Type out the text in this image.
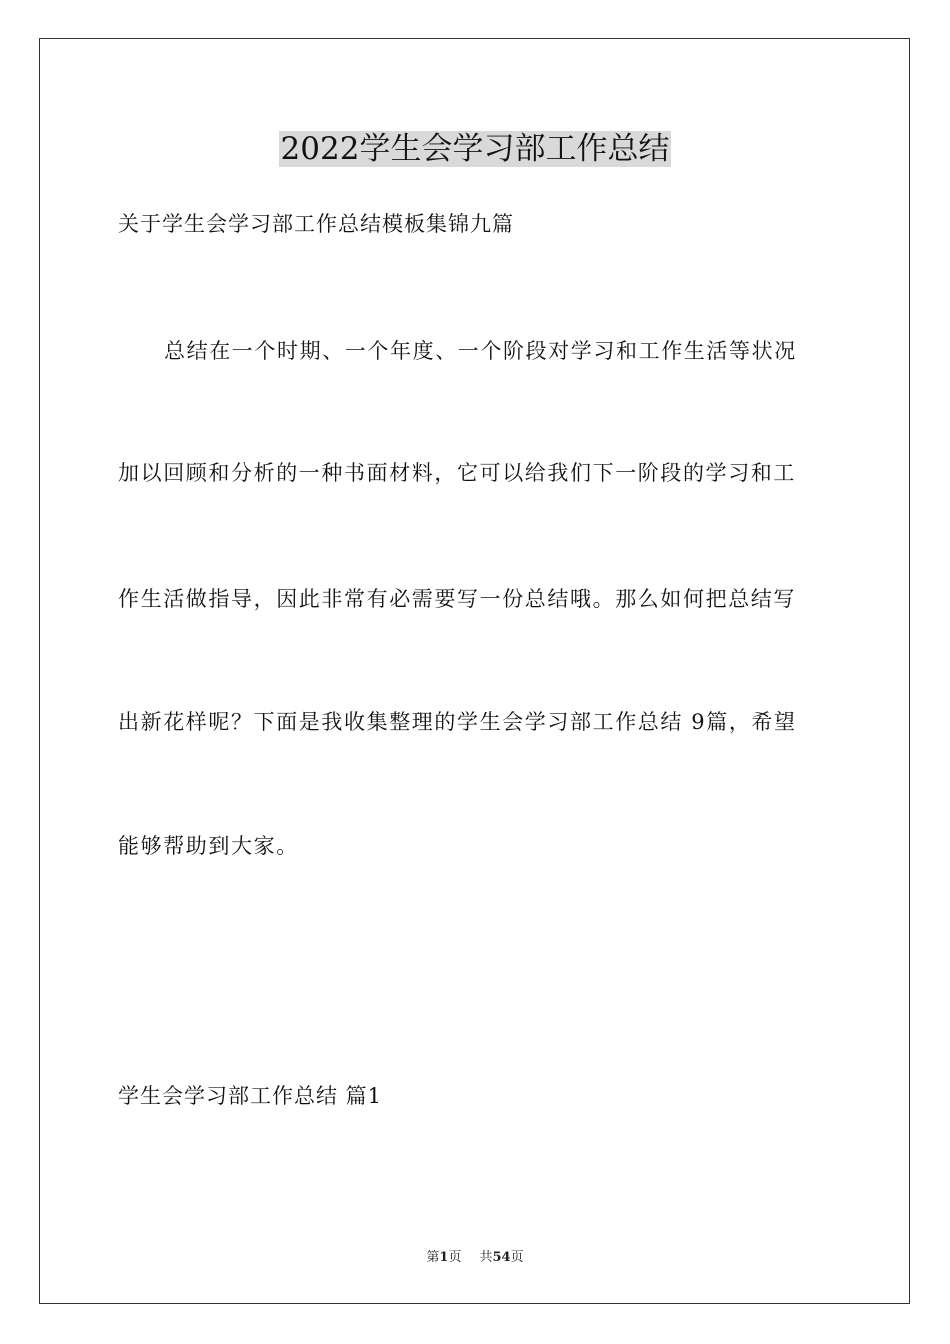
2022学生会学习部工作总结

关于学生会学习部工作总结模板集锦九篇

总结在一个时期、一个年度、一个阶段对学习和工作生活等状况

加以回顾和分析的一种书面材料，它可以给我们下一阶段的学习和工

作生活做指导，因此非常有必需要写一份总结哦。那么如何把总结写

出新花样呢？下面是我收集整理的学生会学习部工作总结 9篇，希望

能够帮助到大家。

学生会学习部工作总结 篇1
第1页 共54页
